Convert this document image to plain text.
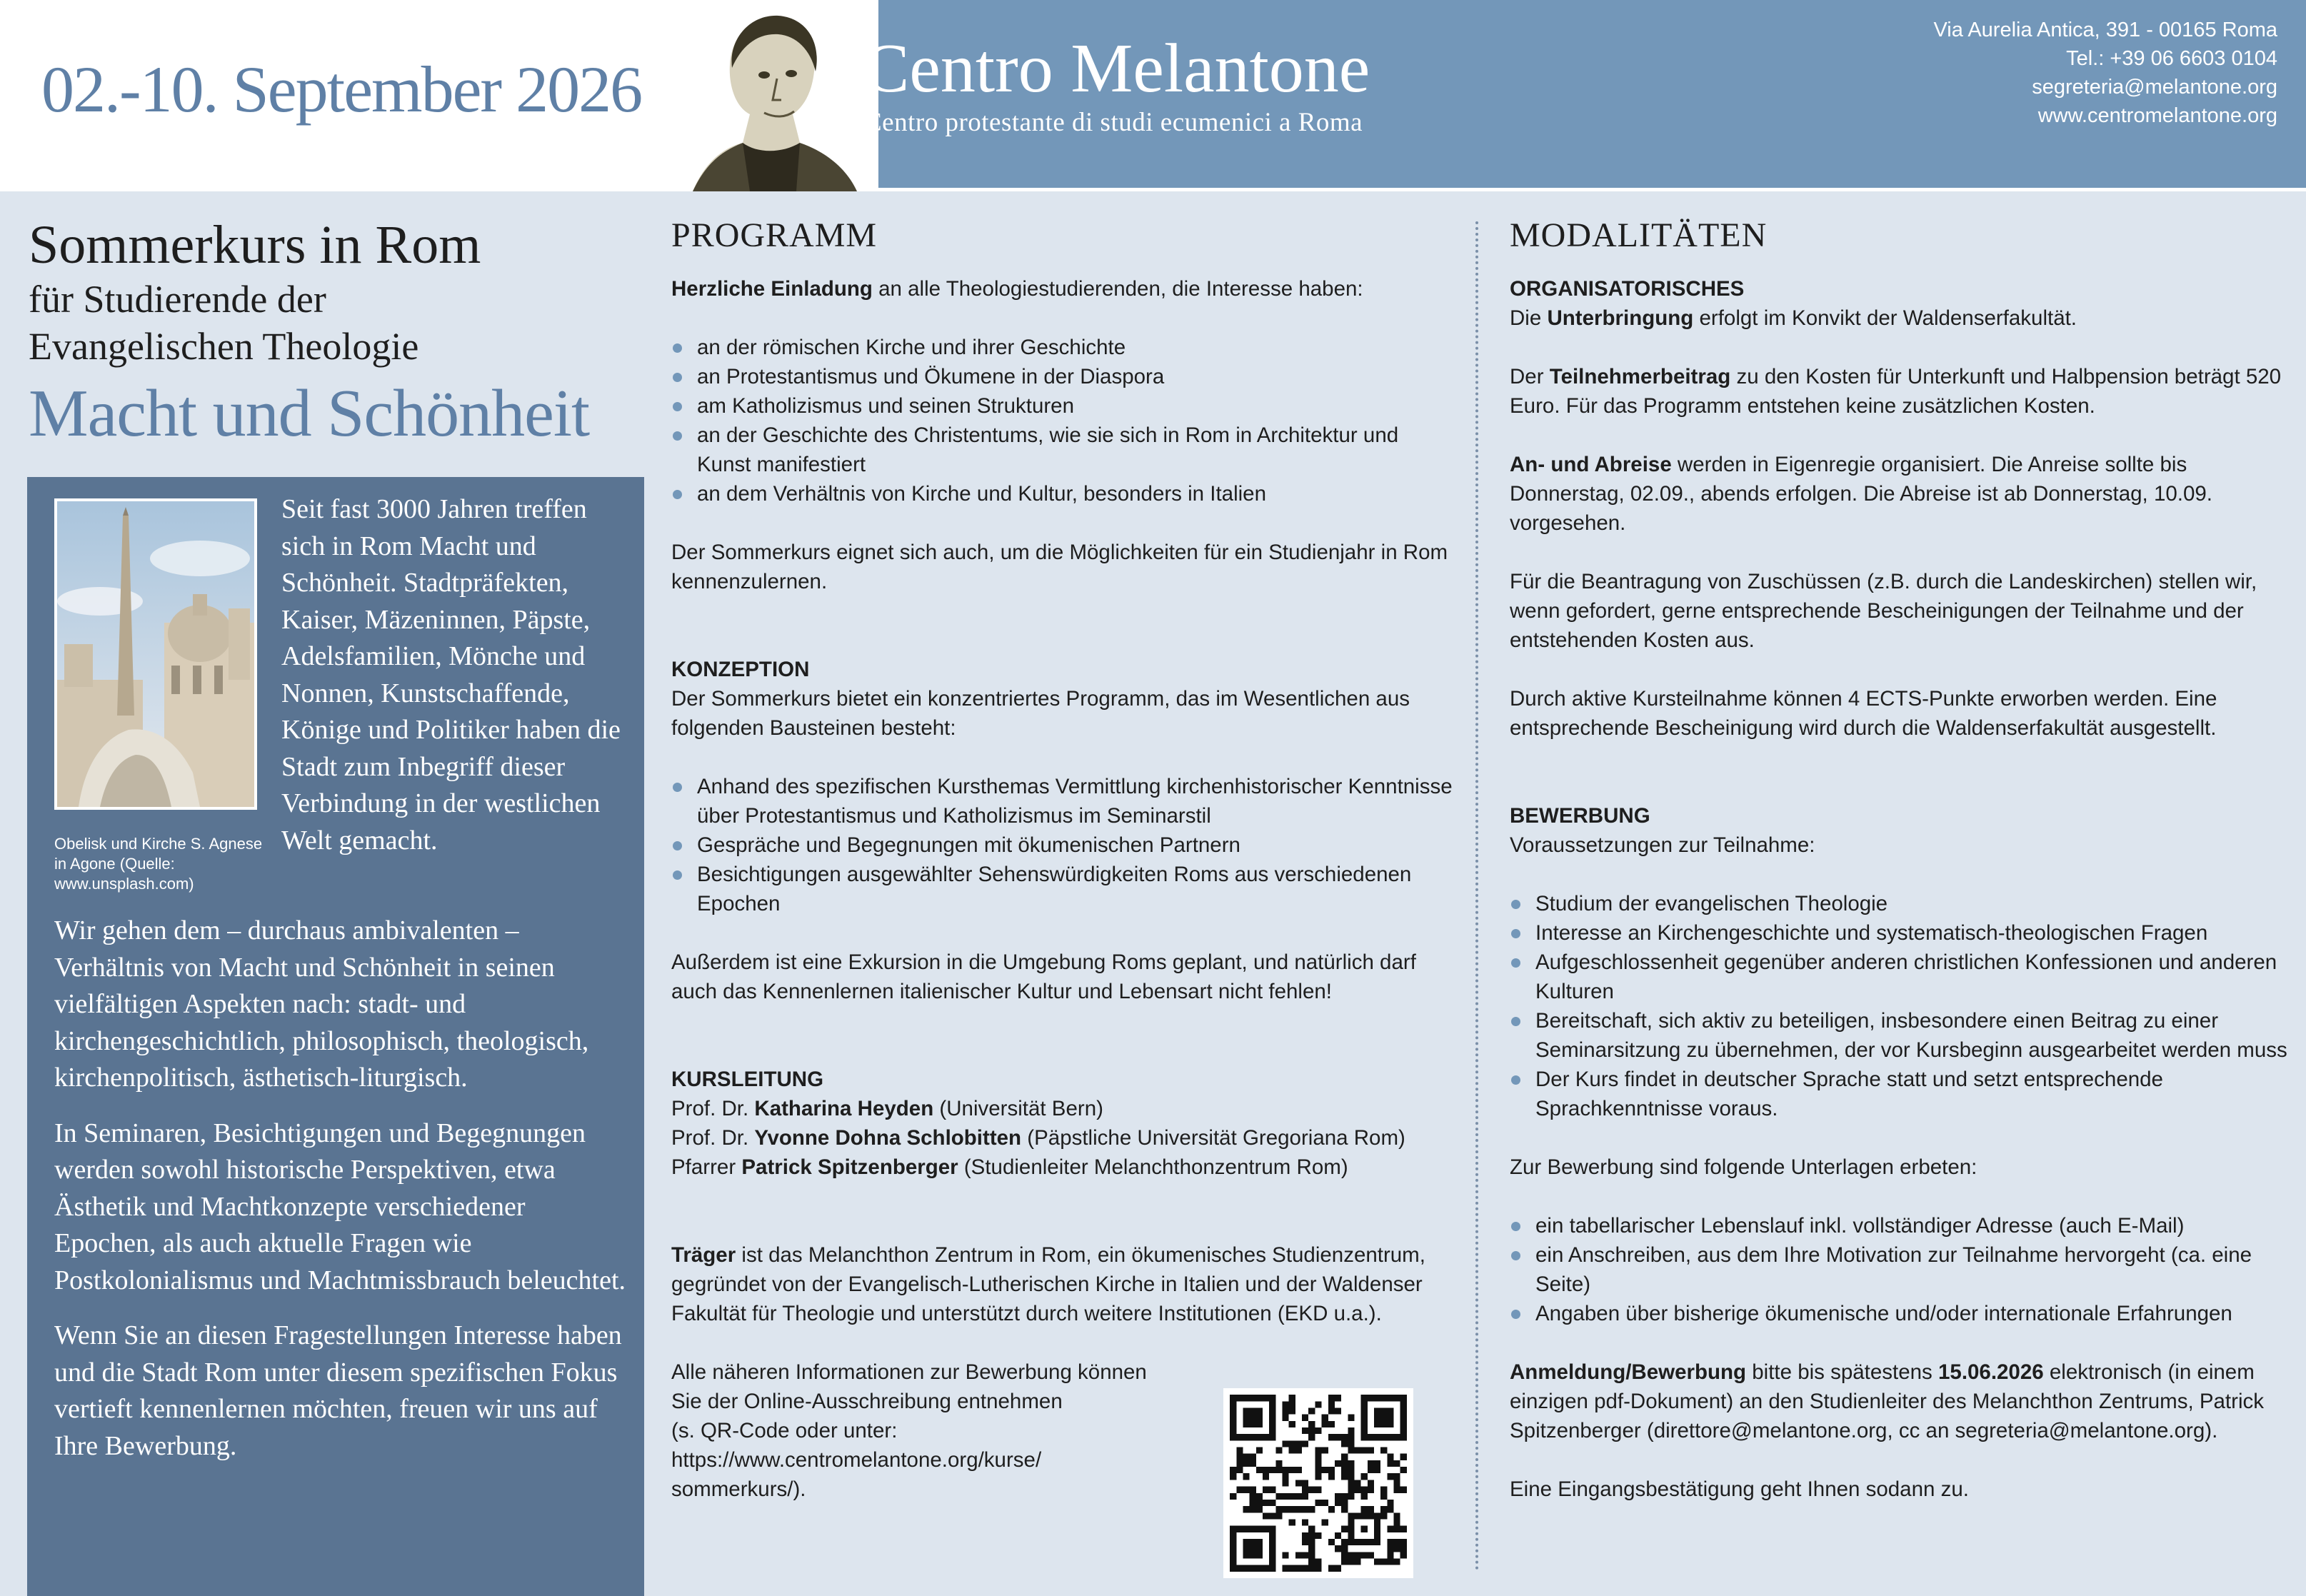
02.-10. September 2026	Centro Melantone
Centro protestante di studi ecumenici a Roma
Via Aurelia Antica, 391 - 00165 Roma
Tel.: +39 06 6603 0104
segreteria@melantone.org
www.centromelantone.org
Sommerkurs in Rom
für Studierende der
Evangelischen Theologie
Macht und Schönheit
Obelisk und Kirche S. Agnese in Agone (Quelle: www.unsplash.com)
Seit fast 3000 Jahren treffen sich in Rom Macht und Schönheit. Stadtpräfekten, Kaiser, Mäzeninnen, Päpste, Adelsfamilien, Mönche und Nonnen, Kunstschaffende, Könige und Politiker haben die Stadt zum Inbegriff dieser Verbindung in der westlichen Welt gemacht.

Wir gehen dem – durchaus ambivalenten – Verhältnis von Macht und Schönheit in seinen vielfältigen Aspekten nach: stadt- und kirchengeschichtlich, philosophisch, theologisch, kirchenpolitisch, ästhetisch-liturgisch.

In Seminaren, Besichtigungen und Begegnungen werden sowohl historische Perspektiven, etwa Ästhetik und Machtkonzepte verschiedener Epochen, als auch aktuelle Fragen wie Postkolonialismus und Machtmissbrauch beleuchtet.

Wenn Sie an diesen Fragestellungen Interesse haben und die Stadt Rom unter diesem spezifischen Fokus vertieft kennenlernen möchten, freuen wir uns auf Ihre Bewerbung.

PROGRAMM

Herzliche Einladung an alle Theologiestudierenden, die Interesse haben:

an der römischen Kirche und ihrer Geschichte
an Protestantismus und Ökumene in der Diaspora
am Katholizismus und seinen Strukturen
an der Geschichte des Christentums, wie sie sich in Rom in Architektur und Kunst manifestiert
an dem Verhältnis von Kirche und Kultur, besonders in Italien

Der Sommerkurs eignet sich auch, um die Möglichkeiten für ein Studienjahr in Rom kennenzulernen.

KONZEPTION

Der Sommerkurs bietet ein konzentriertes Programm, das im Wesentlichen aus folgenden Bausteinen besteht:

Anhand des spezifischen Kursthemas Vermittlung kirchenhistorischer Kenntnisse über Protestantismus und Katholizismus im Seminarstil
Gespräche und Begegnungen mit ökumenischen Partnern
Besichtigungen ausgewählter Sehenswürdigkeiten Roms aus verschiedenen Epochen

Außerdem ist eine Exkursion in die Umgebung Roms geplant, und natürlich darf auch das Kennenlernen italienischer Kultur und Lebensart nicht fehlen!

KURSLEITUNG

Prof. Dr. Katharina Heyden (Universität Bern)

Prof. Dr. Yvonne Dohna Schlobitten (Päpstliche Universität Gregoriana Rom)

Pfarrer Patrick Spitzenberger (Studienleiter Melanchthonzentrum Rom)

Träger ist das Melanchthon Zentrum in Rom, ein ökumenisches Studienzentrum, gegründet von der Evangelisch-Lutherischen Kirche in Italien und der Waldenser Fakultät für Theologie und unterstützt durch weitere Institutionen (EKD u.a.).

Alle näheren Informationen zur Bewerbung können

Sie der Online-Ausschreibung entnehmen

(s. QR-Code oder unter:

https://www.centromelantone.org/kurse/

sommerkurs/).

MODALITÄTEN

ORGANISATORISCHES

Die Unterbringung erfolgt im Konvikt der Waldenserfakultät.

Der Teilnehmerbeitrag zu den Kosten für Unterkunft und Halbpension beträgt 520 Euro. Für das Programm entstehen keine zusätzlichen Kosten.

An- und Abreise werden in Eigenregie organisiert. Die Anreise sollte bis Donnerstag, 02.09., abends erfolgen. Die Abreise ist ab Donnerstag, 10.09. vorgesehen.

Für die Beantragung von Zuschüssen (z.B. durch die Landeskirchen) stellen wir, wenn gefordert, gerne entsprechende Bescheinigungen der Teilnahme und der entstehenden Kosten aus.

Durch aktive Kursteilnahme können 4 ECTS-Punkte erworben werden. Eine entsprechende Bescheinigung wird durch die Waldenserfakultät ausgestellt.

BEWERBUNG

Voraussetzungen zur Teilnahme:

Studium der evangelischen Theologie
Interesse an Kirchengeschichte und systematisch-theologischen Fragen
Aufgeschlossenheit gegenüber anderen christlichen Konfessionen und anderen Kulturen
Bereitschaft, sich aktiv zu beteiligen, insbesondere einen Beitrag zu einer Seminarsitzung zu übernehmen, der vor Kursbeginn ausgearbeitet werden muss
Der Kurs findet in deutscher Sprache statt und setzt entsprechende Sprachkenntnisse voraus.

Zur Bewerbung sind folgende Unterlagen erbeten:

ein tabellarischer Lebenslauf inkl. vollständiger Adresse (auch E-Mail)
ein Anschreiben, aus dem Ihre Motivation zur Teilnahme hervorgeht (ca. eine Seite)
Angaben über bisherige ökumenische und/oder internationale Erfahrungen

Anmeldung/Bewerbung bitte bis spätestens 15.06.2026 elektronisch (in einem einzigen pdf-Dokument) an den Studienleiter des Melanchthon Zentrums, Patrick Spitzenberger (direttore@melantone.org, cc an segreteria@melantone.org).

Eine Eingangsbestätigung geht Ihnen sodann zu.
